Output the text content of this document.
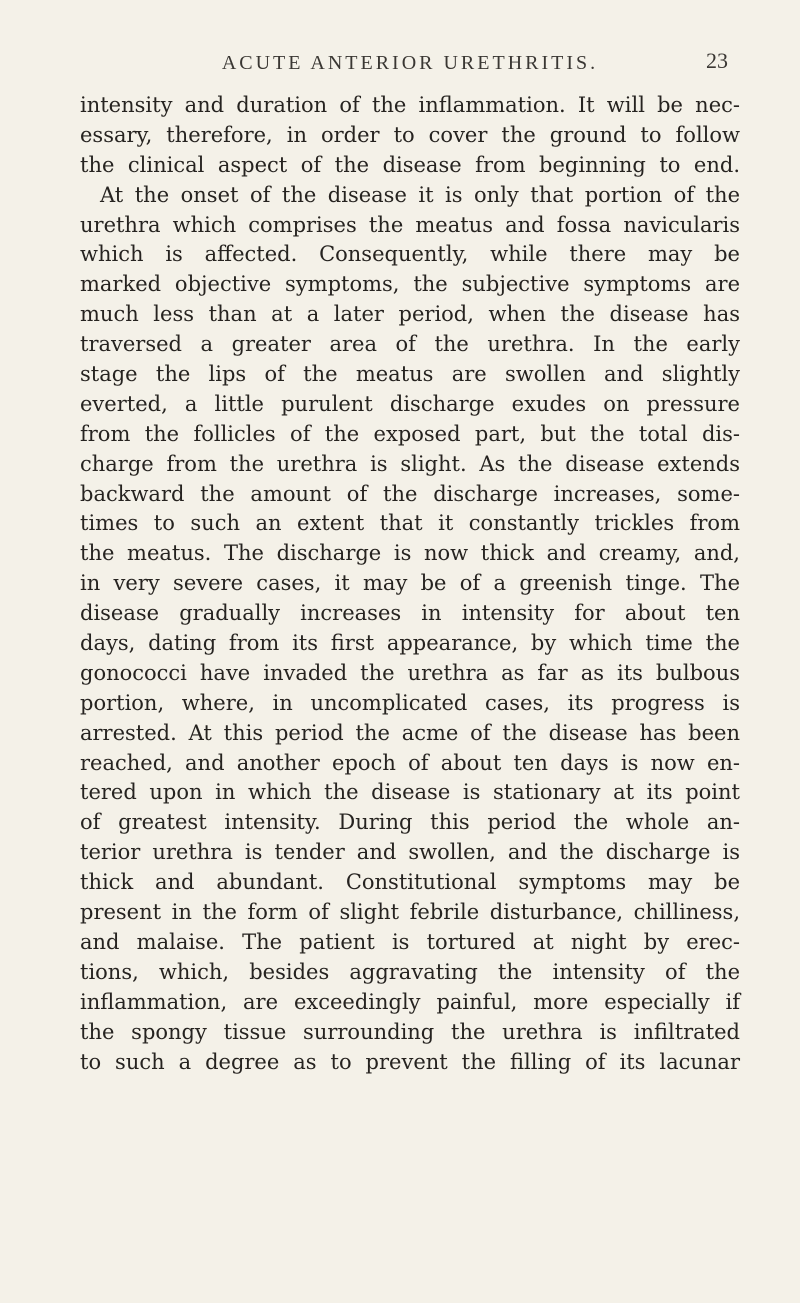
ACUTE ANTERIOR URETHRITIS.	23
intensity and duration of the inflammation. It will be nec-
essary, therefore, in order to cover the ground to follow
the clinical aspect of the disease from beginning to end.
At the onset of the disease it is only that portion of the
urethra which comprises the meatus and fossa navicularis
which is affected. Consequently, while there may be
marked objective symptoms, the subjective symptoms are
much less than at a later period, when the disease has
traversed a greater area of the urethra. In the early
stage the lips of the meatus are swollen and slightly
everted, a little purulent discharge exudes on pressure
from the follicles of the exposed part, but the total dis-
charge from the urethra is slight. As the disease extends
backward the amount of the discharge increases, some-
times to such an extent that it constantly trickles from
the meatus. The discharge is now thick and creamy, and,
in very severe cases, it may be of a greenish tinge. The
disease gradually increases in intensity for about ten
days, dating from its first appearance, by which time the
gonococci have invaded the urethra as far as its bulbous
portion, where, in uncomplicated cases, its progress is
arrested. At this period the acme of the disease has been
reached, and another epoch of about ten days is now en-
tered upon in which the disease is stationary at its point
of greatest intensity. During this period the whole an-
terior urethra is tender and swollen, and the discharge is
thick and abundant. Constitutional symptoms may be
present in the form of slight febrile disturbance, chilliness,
and malaise. The patient is tortured at night by erec-
tions, which, besides aggravating the intensity of the
inflammation, are exceedingly painful, more especially if
the spongy tissue surrounding the urethra is infiltrated
to such a degree as to prevent the filling of its lacunar
